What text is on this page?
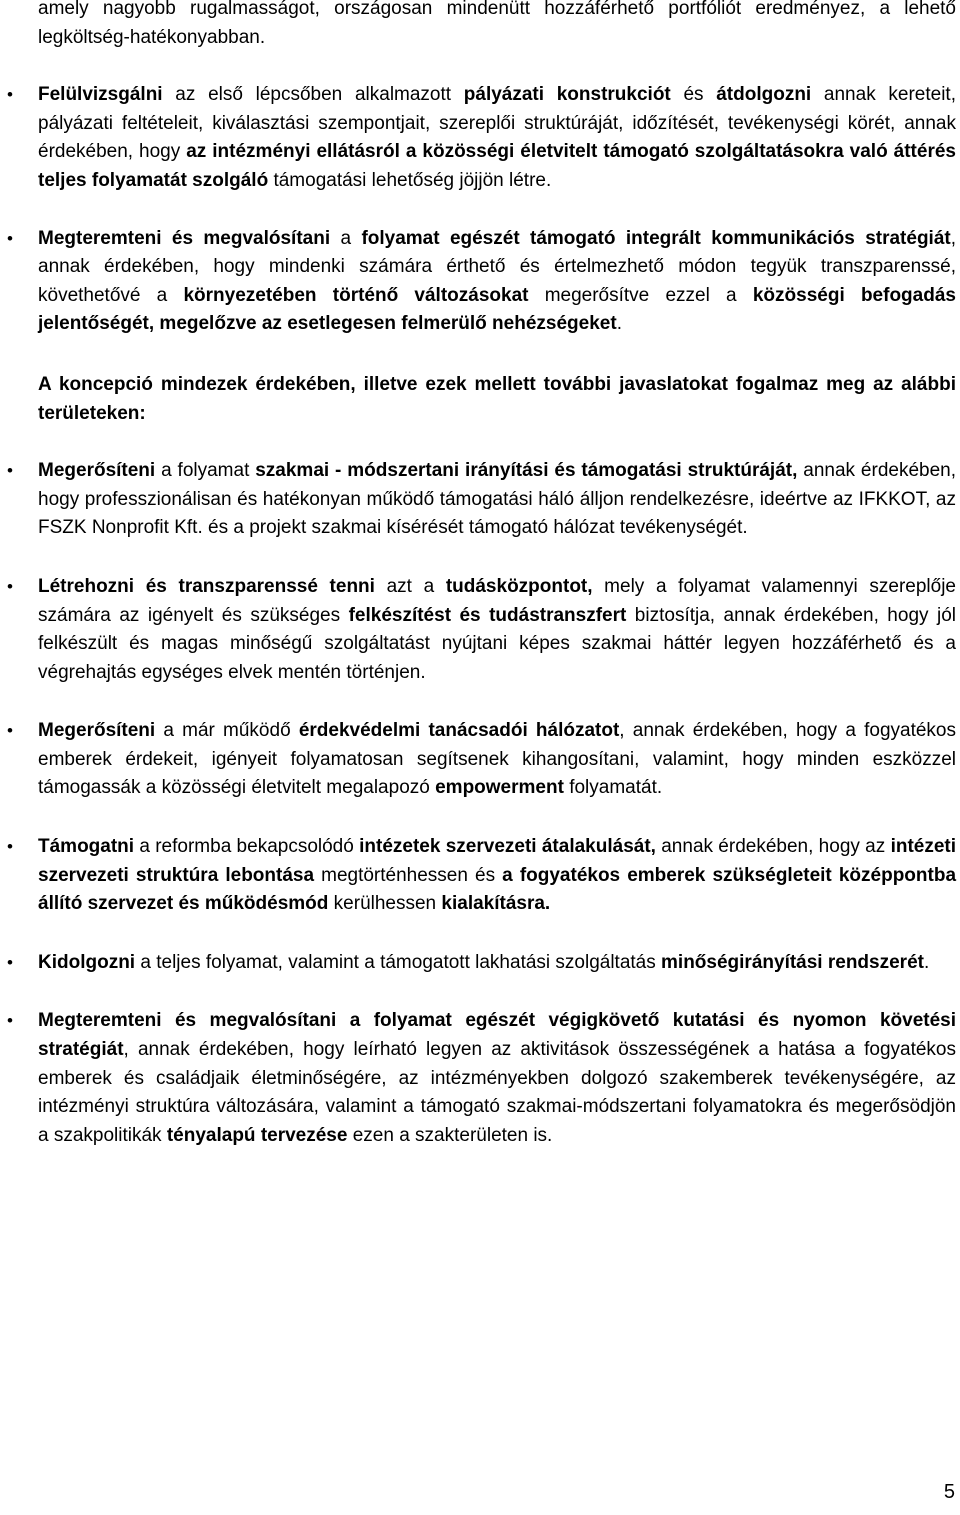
amely nagyobb rugalmasságot, országosan mindenütt hozzáférhető portfóliót eredményez, a lehető legköltség-hatékonyabban.

• Felülvizsgálni az első lépcsőben alkalmazott pályázati konstrukciót és átdolgozni annak kereteit, pályázati feltételeit, kiválasztási szempontjait, szereplői struktúráját, időzítését, tevékenységi körét, annak érdekében, hogy az intézményi ellátásról a közösségi életvitelt támogató szolgáltatásokra való áttérés teljes folyamatát szolgáló támogatási lehetőség jöjjön létre.

• Megteremteni és megvalósítani a folyamat egészét támogató integrált kommunikációs stratégiát, annak érdekében, hogy mindenki számára érthető és értelmezhető módon tegyük transzparenssé, követhetővé a környezetében történő változásokat megerősítve ezzel a közösségi befogadás jelentőségét, megelőzve az esetlegesen felmerülő nehézségeket.

A koncepció mindezek érdekében, illetve ezek mellett további javaslatokat fogalmaz meg az alábbi területeken:

• Megerősíteni a folyamat szakmai - módszertani irányítási és támogatási struktúráját, annak érdekében, hogy professzionálisan és hatékonyan működő támogatási háló álljon rendelkezésre, ideértve az IFKKOT, az FSZK Nonprofit Kft. és a projekt szakmai kísérését támogató hálózat tevékenységét.

• Létrehozni és transzparenssé tenni azt a tudásközpontot, mely a folyamat valamennyi szereplője számára az igényelt és szükséges felkészítést és tudástranszfert biztosítja, annak érdekében, hogy jól felkészült és magas minőségű szolgáltatást nyújtani képes szakmai háttér legyen hozzáférhető és a végrehajtás egységes elvek mentén történjen.

• Megerősíteni a már működő érdekvédelmi tanácsadói hálózatot, annak érdekében, hogy a fogyatékos emberek érdekeit, igényeit folyamatosan segítsenek kihangosítani, valamint, hogy minden eszközzel támogassák a közösségi életvitelt megalapozó empowerment folyamatát.

• Támogatni a reformba bekapcsolódó intézetek szervezeti átalakulását, annak érdekében, hogy az intézeti szervezeti struktúra lebontása megtörténhessen és a fogyatékos emberek szükségleteit középpontba állító szervezet és működésmód kerülhessen kialakításra.

• Kidolgozni a teljes folyamat, valamint a támogatott lakhatási szolgáltatás minőségirányítási rendszerét.

• Megteremteni és megvalósítani a folyamat egészét végigkövető kutatási és nyomon követési stratégiát, annak érdekében, hogy leírható legyen az aktivitások összességének a hatása a fogyatékos emberek és családjaik életminőségére, az intézményekben dolgozó szakemberek tevékenységére, az intézményi struktúra változására, valamint a támogató szakmai-módszertani folyamatokra és megerősödjön a szakpolitikák tényalapú tervezése ezen a szakterületen is.

5
